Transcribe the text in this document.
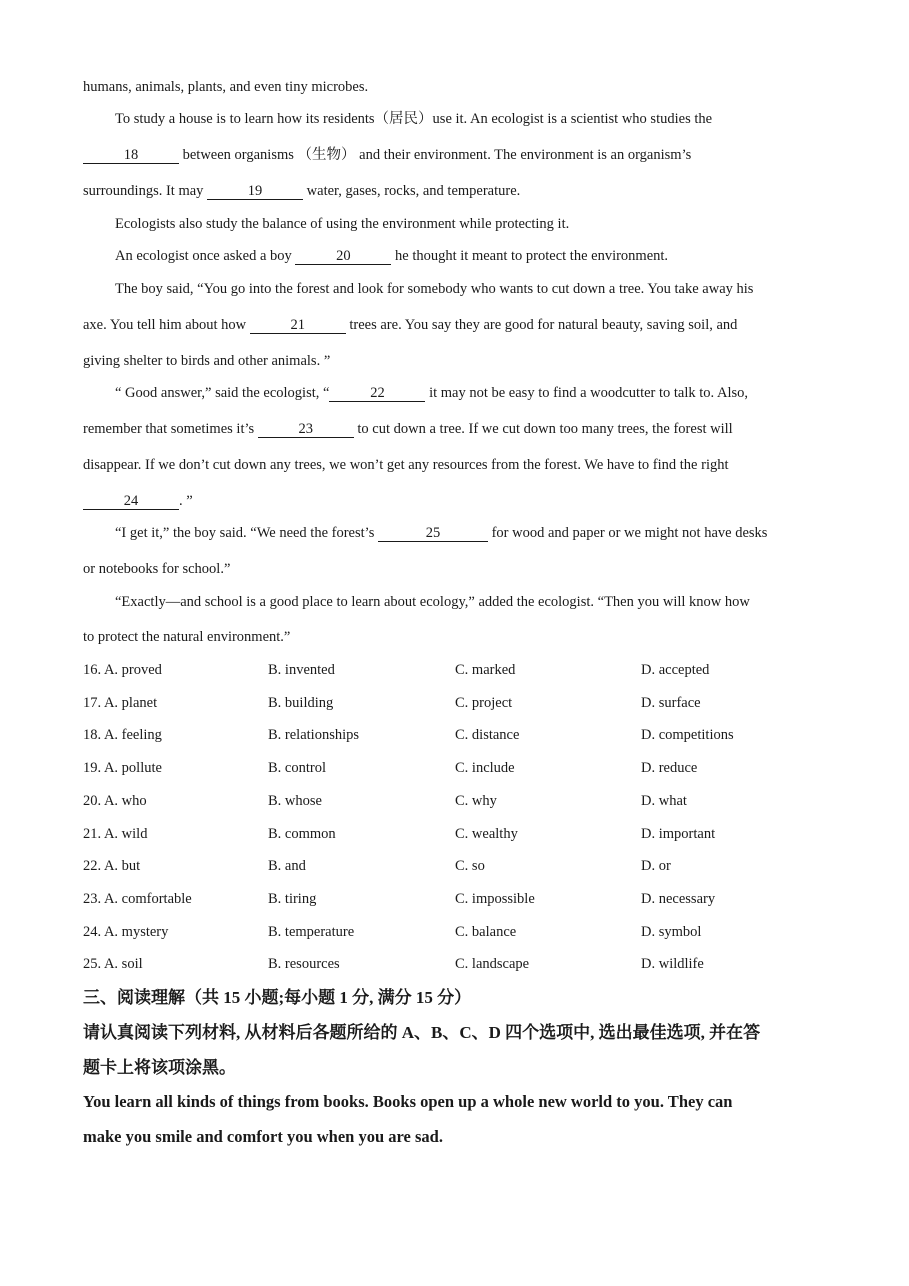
humans, animals, plants, and even tiny microbes.
To study a house is to learn how its residents（居民）use it. An ecologist is a scientist who studies the
18	between organisms （生物） and their environment. The environment is an organism’s
surroundings. It may	19	water, gases, rocks, and temperature.
Ecologists also study the balance of using the environment while protecting it.
An ecologist once asked a boy	20	he thought it meant to protect the environment.
The boy said, “You go into the forest and look for somebody who wants to cut down a tree. You take away his
axe. You tell him about how	21	trees are. You say they are good for natural beauty, saving soil, and
giving shelter to birds and other animals. ”
“ Good answer,” said the ecologist, “	22	it may not be easy to find a woodcutter to talk to. Also,
remember that sometimes it’s	23	to cut down a tree. If we cut down too many trees, the forest will
disappear. If we don’t cut down any trees, we won’t get any resources from the forest. We have to find the right
24	. ”
“I get it,” the boy said. “We need the forest’s	25	for wood and paper or we might not have desks
or notebooks for school.”
“Exactly—and school is a good place to learn about ecology,” added the ecologist. “Then you will know how
to protect the natural environment.”
16. A. proved	B. invented	C. marked	D. accepted
17. A. planet	B. building	C. project	D. surface
18. A. feeling	B. relationships	C. distance	D. competitions
19. A. pollute	B. control	C. include	D. reduce
20. A. who	B. whose	C. why	D. what
21. A. wild	B. common	C. wealthy	D. important
22. A. but	B. and	C. so	D. or
23. A. comfortable	B. tiring	C. impossible	D. necessary
24. A. mystery	B. temperature	C. balance	D. symbol
25. A. soil	B. resources	C. landscape	D. wildlife
三、阅读理解（共 15 小题;每小题 1 分, 满分 15 分）
请认真阅读下列材料, 从材料后各题所给的 A、B、C、D 四个选项中, 选出最佳选项, 并在答
题卡上将该项涂黑。
You learn all kinds of things from books. Books open up a whole new world to you. They can
make you smile and comfort you when you are sad.
